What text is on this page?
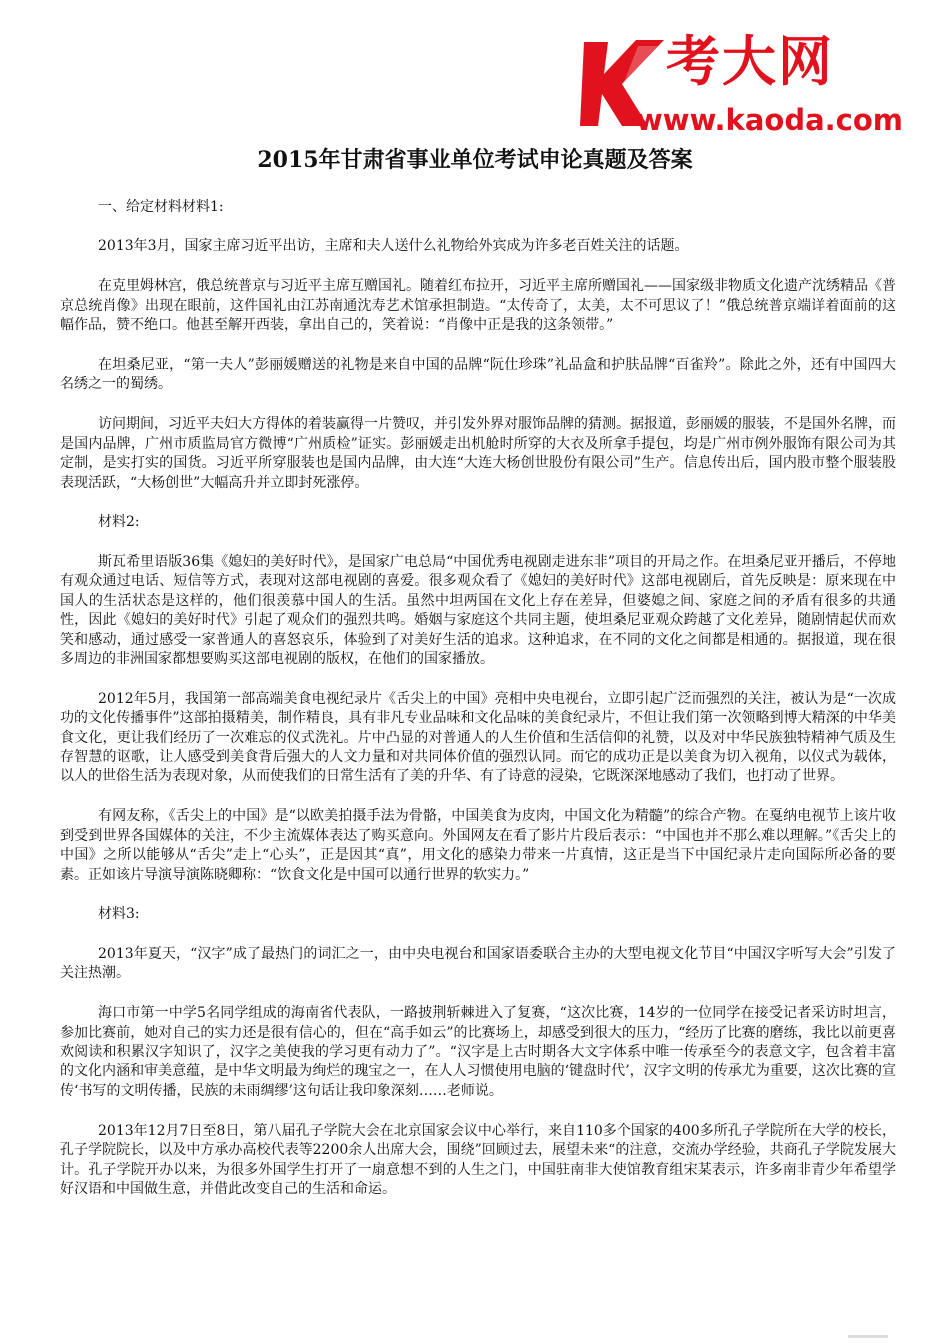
考大网
www.kaoda.com
2015年甘肃省事业单位考试申论真题及答案

一、给定材料材料1:

2013年3月，国家主席习近平出访，主席和夫人送什么礼物给外宾成为许多老百姓关注的话题。

在克里姆林宫，俄总统普京与习近平主席互赠国礼。随着红布拉开，习近平主席所赠国礼——国家级非物质文化遗产沈绣精品《普京总统肖像》出现在眼前，这件国礼由江苏南通沈寿艺术馆承担制造。“太传奇了，太美，太不可思议了！”俄总统普京端详着面前的这幅作品，赞不绝口。他甚至解开西装，拿出自己的，笑着说：“肖像中正是我的这条领带。”

在坦桑尼亚，“第一夫人”彭丽媛赠送的礼物是来自中国的品牌“阮仕珍珠”礼品盒和护肤品牌“百雀羚”。除此之外，还有中国四大名绣之一的蜀绣。

访问期间，习近平夫妇大方得体的着装赢得一片赞叹，并引发外界对服饰品牌的猜测。据报道，彭丽媛的服装，不是国外名牌，而是国内品牌，广州市质监局官方微博“广州质检”证实。彭丽媛走出机舱时所穿的大衣及所拿手提包，均是广州市例外服饰有限公司为其定制，是实打实的国货。习近平所穿服装也是国内品牌，由大连“大连大杨创世股份有限公司”生产。信息传出后，国内股市整个服装股表现活跃，“大杨创世”大幅高升并立即封死涨停。

材料2:

斯瓦希里语版36集《媳妇的美好时代》，是国家广电总局“中国优秀电视剧走进东非”项目的开局之作。在坦桑尼亚开播后，不停地有观众通过电话、短信等方式，表现对这部电视剧的喜爱。很多观众看了《媳妇的美好时代》这部电视剧后，首先反映是：原来现在中国人的生活状态是这样的，他们很羡慕中国人的生活。虽然中坦两国在文化上存在差异，但婆媳之间、家庭之间的矛盾有很多的共通性，因此《媳妇的美好时代》引起了观众们的强烈共鸣。婚姻与家庭这个共同主题，使坦桑尼亚观众跨越了文化差异，随剧情起伏而欢笑和感动，通过感受一家普通人的喜怒哀乐，体验到了对美好生活的追求。这种追求，在不同的文化之间都是相通的。据报道，现在很多周边的非洲国家都想要购买这部电视剧的版权，在他们的国家播放。

2012年5月，我国第一部高端美食电视纪录片《舌尖上的中国》亮相中央电视台，立即引起广泛而强烈的关注，被认为是“一次成功的文化传播事件”这部拍摄精美，制作精良，具有非凡专业品味和文化品味的美食纪录片，不但让我们第一次领略到博大精深的中华美食文化，更让我们经历了一次难忘的仪式洗礼。片中凸显的对普通人的人生价值和生活信仰的礼赞，以及对中华民族独特精神气质及生存智慧的讴歌，让人感受到美食背后强大的人文力量和对共同体价值的强烈认同。而它的成功正是以美食为切入视角，以仪式为载体，以人的世俗生活为表现对象，从而使我们的日常生活有了美的升华、有了诗意的浸染，它既深深地感动了我们，也打动了世界。

有网友称，《舌尖上的中国》是“以欧美拍摄手法为骨骼，中国美食为皮肉，中国文化为精髓”的综合产物。在戛纳电视节上该片收到受到世界各国媒体的关注，不少主流媒体表达了购买意向。外国网友在看了影片片段后表示：“中国也并不那么难以理解。”《舌尖上的中国》之所以能够从“舌尖”走上“心头”，正是因其“真”，用文化的感染力带来一片真情，这正是当下中国纪录片走向国际所必备的要素。正如该片导演导演陈晓卿称：“饮食文化是中国可以通行世界的软实力。”

材料3:

2013年夏天，“汉字”成了最热门的词汇之一，由中央电视台和国家语委联合主办的大型电视文化节目“中国汉字听写大会”引发了关注热潮。

海口市第一中学5名同学组成的海南省代表队，一路披荆斩棘进入了复赛，“这次比赛，14岁的一位同学在接受记者采访时坦言，参加比赛前，她对自己的实力还是很有信心的，但在“高手如云”的比赛场上，却感受到很大的压力，“经历了比赛的磨练，我比以前更喜欢阅读和积累汉字知识了，汉字之美使我的学习更有动力了”。“汉字是上古时期各大文字体系中唯一传承至今的表意文字，包含着丰富的文化内涵和审美意蕴，是中华文明最为绚烂的瑰宝之一，在人人习惯使用电脑的‘键盘时代’，汉字文明的传承尤为重要，这次比赛的宣传‘书写的文明传播，民族的未雨绸缪’这句话让我印象深刻……老师说。

2013年12月7日至8日，第八届孔子学院大会在北京国家会议中心举行，来自110多个国家的400多所孔子学院所在大学的校长，孔子学院院长，以及中方承办高校代表等2200余人出席大会，围绕”回顾过去，展望未来“的注意，交流办学经验，共商孔子学院发展大计。孔子学院开办以来，为很多外国学生打开了一扇意想不到的人生之门，中国驻南非大使馆教育组宋某表示，许多南非青少年希望学好汉语和中国做生意，并借此改变自己的生活和命运。
